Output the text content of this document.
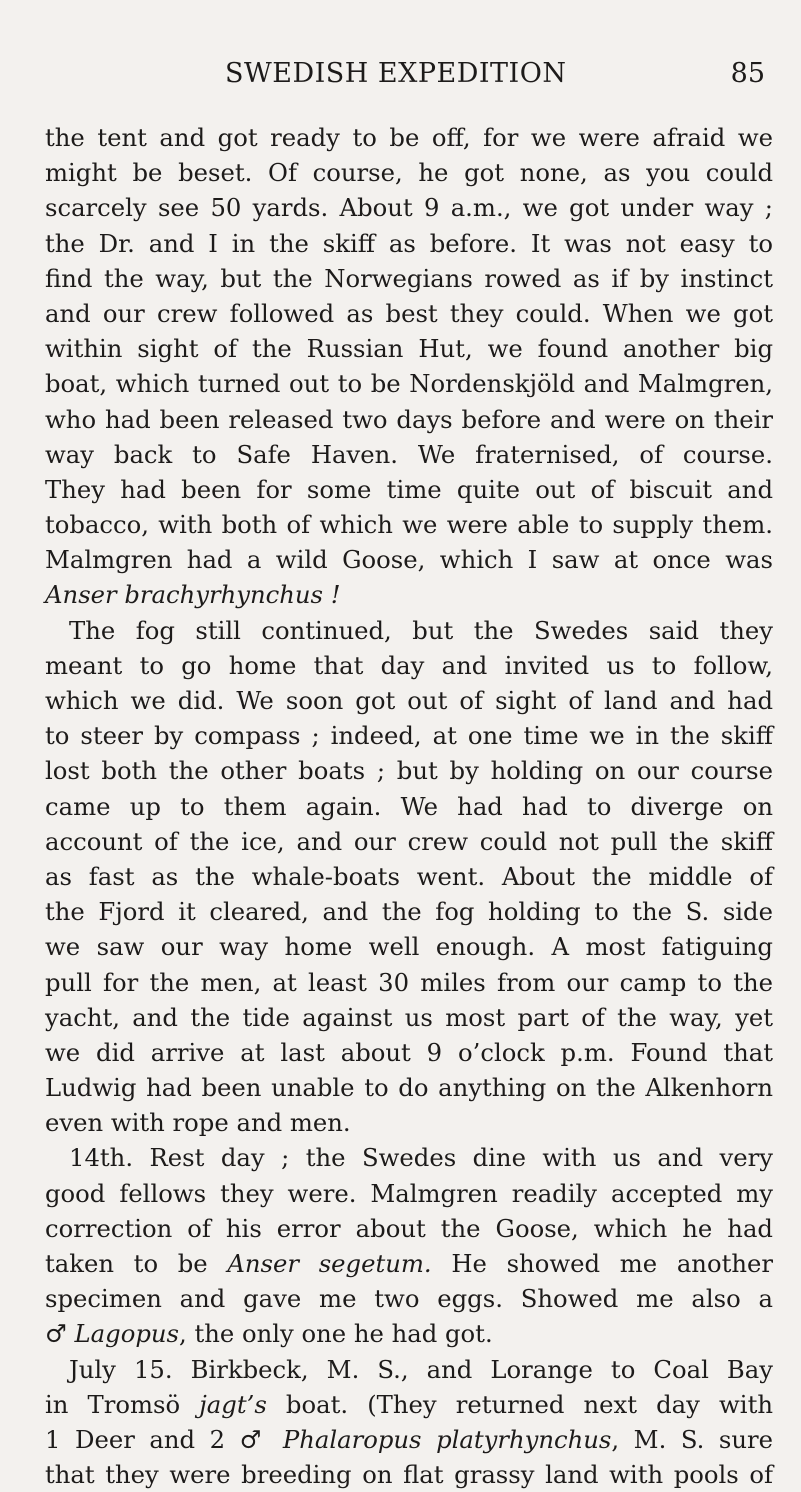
SWEDISH EXPEDITION	85
the tent and got ready to be off, for we were afraid we
might be beset. Of course, he got none, as you could
scarcely see 50 yards. About 9 a.m., we got under way ;
the Dr. and I in the skiff as before. It was not easy to
find the way, but the Norwegians rowed as if by instinct
and our crew followed as best they could. When we got
within sight of the Russian Hut, we found another big
boat, which turned out to be Nordenskjöld and Malmgren,
who had been released two days before and were on their
way back to Safe Haven. We fraternised, of course.
They had been for some time quite out of biscuit and
tobacco, with both of which we were able to supply them.
Malmgren had a wild Goose, which I saw at once was
Anser brachyrhynchus !
The fog still continued, but the Swedes said they
meant to go home that day and invited us to follow,
which we did. We soon got out of sight of land and had
to steer by compass ; indeed, at one time we in the skiff
lost both the other boats ; but by holding on our course
came up to them again. We had had to diverge on
account of the ice, and our crew could not pull the skiff
as fast as the whale-boats went. About the middle of
the Fjord it cleared, and the fog holding to the S. side
we saw our way home well enough. A most fatiguing
pull for the men, at least 30 miles from our camp to the
yacht, and the tide against us most part of the way, yet
we did arrive at last about 9 o’clock p.m. Found that
Ludwig had been unable to do anything on the Alkenhorn
even with rope and men.
14th. Rest day ; the Swedes dine with us and very
good fellows they were. Malmgren readily accepted my
correction of his error about the Goose, which he had
taken to be Anser segetum. He showed me another
specimen and gave me two eggs. Showed me also a
♂ Lagopus, the only one he had got.
July 15. Birkbeck, M. S., and Lorange to Coal Bay
in Tromsö jagt’s boat. (They returned next day with
1 Deer and 2 ♂ Phalaropus platyrhynchus, M. S. sure
that they were breeding on flat grassy land with pools of
